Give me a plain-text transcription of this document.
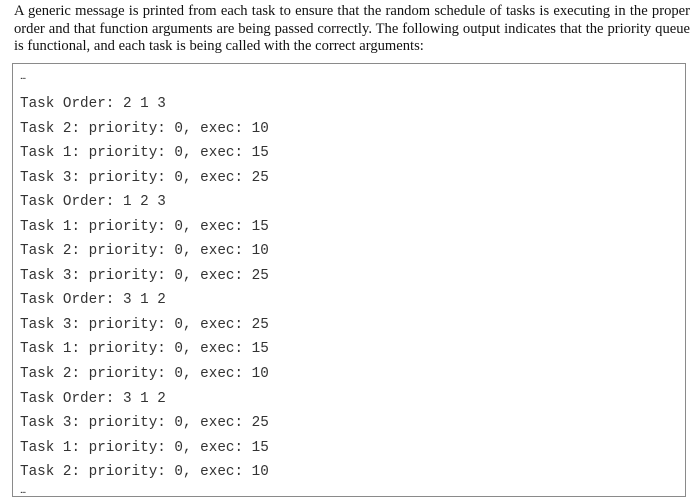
A generic message is printed from each task to ensure that the random schedule of tasks is executing in the proper order and that function arguments are being passed correctly. The following output indicates that the priority queue is functional, and each task is being called with the correct arguments:

...
Task Order: 2 1 3
Task 2: priority: 0, exec: 10
Task 1: priority: 0, exec: 15
Task 3: priority: 0, exec: 25
Task Order: 1 2 3
Task 1: priority: 0, exec: 15
Task 2: priority: 0, exec: 10
Task 3: priority: 0, exec: 25
Task Order: 3 1 2
Task 3: priority: 0, exec: 25
Task 1: priority: 0, exec: 15
Task 2: priority: 0, exec: 10
Task Order: 3 1 2
Task 3: priority: 0, exec: 25
Task 1: priority: 0, exec: 15
Task 2: priority: 0, exec: 10
...
